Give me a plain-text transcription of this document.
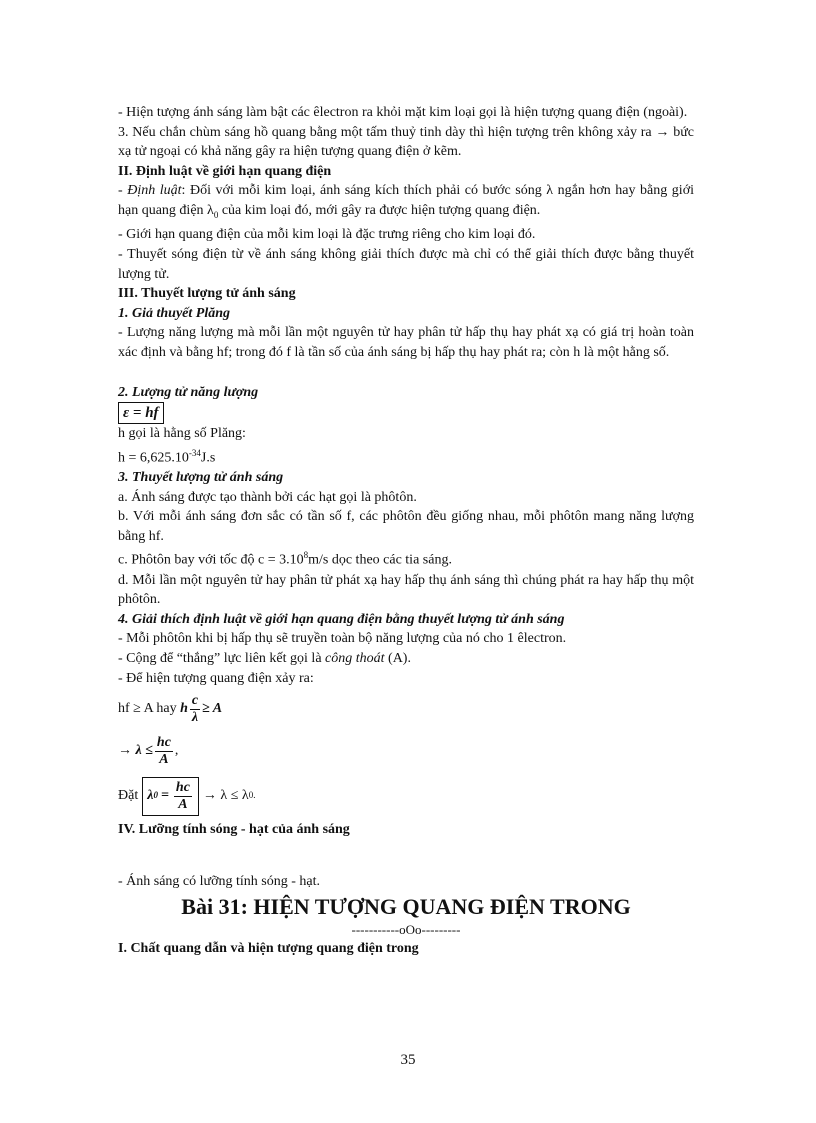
- Hiện tượng ánh sáng làm bật các êlectron ra khỏi mặt kim loại gọi là hiện tượng quang điện (ngoài).

3. Nếu chắn chùm sáng hồ quang bằng một tấm thuỷ tinh dày thì hiện tượng trên không xảy ra → bức xạ tử ngoại có khả năng gây ra hiện tượng quang điện ở kẽm.

II. Định luật về giới hạn quang điện

- Định luật: Đối với mỗi kim loại, ánh sáng kích thích phải có bước sóng λ ngắn hơn hay bằng giới hạn quang điện $\lambda_0$ của kim loại đó, mới gây ra được hiện tượng quang điện.

- Giới hạn quang điện của mỗi kim loại là đặc trưng riêng cho kim loại đó.

- Thuyết sóng điện từ về ánh sáng không giải thích được mà chỉ có thể giải thích được bằng thuyết lượng tử.

III. Thuyết lượng tử ánh sáng

1. Giả thuyết Plăng

- Lượng năng lượng mà mỗi lần một nguyên tử hay phân tử hấp thụ hay phát xạ có giá trị hoàn toàn xác định và bằng hf; trong đó f là tần số của ánh sáng bị hấp thụ hay phát ra; còn h là một hằng số.

2. Lượng tử năng lượng

ε = hf

h gọi là hằng số Plăng:

$h = 6,625.10^{-34}J.s$

3. Thuyết lượng tử ánh sáng

a. Ánh sáng được tạo thành bởi các hạt gọi là phôtôn.

b. Với mỗi ánh sáng đơn sắc có tần số f, các phôtôn đều giống nhau, mỗi phôtôn mang năng lượng bằng hf.

c. Phôtôn bay với tốc độ $c = 3.10^8m/s$ dọc theo các tia sáng.

d. Mỗi lần một nguyên tử hay phân tử phát xạ hay hấp thụ ánh sáng thì chúng phát ra hay hấp thụ một phôtôn.

4. Giải thích định luật về giới hạn quang điện bằng thuyết lượng tử ánh sáng

- Mỗi phôtôn khi bị hấp thụ sẽ truyền toàn bộ năng lượng của nó cho 1 êlectron.

- Cộng để “thắng” lực liên kết gọi là công thoát (A).

- Để hiện tượng quang điện xảy ra:

hf ≥ A hay
h $\frac{c}{\lambda} \ge A$
→
$\lambda \le \frac{hc}{A}$ ,
Đặt λ $0 = \frac{hc}{A} \to \lambda \le \lambda$ 0.

IV. Lưỡng tính sóng - hạt của ánh sáng

- Ánh sáng có lưỡng tính sóng - hạt.

Bài 31: HIỆN TƯỢNG QUANG ĐIỆN TRONG

-----------oOo---------

I. Chất quang dẫn và hiện tượng quang điện trong

35
